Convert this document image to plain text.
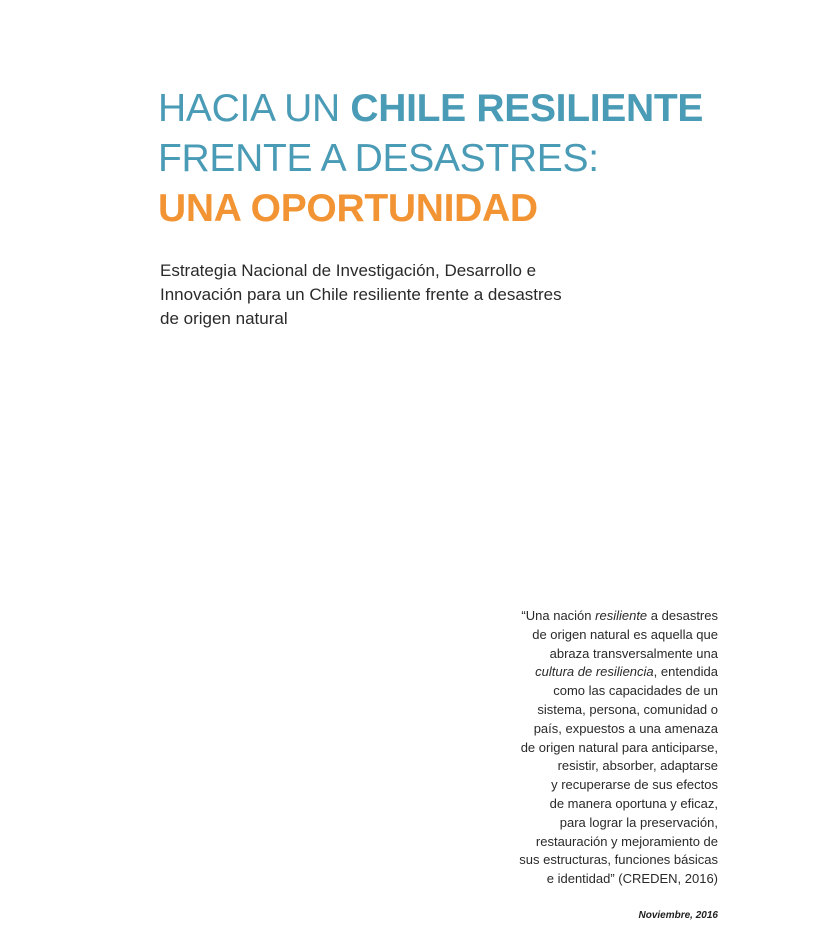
HACIA UN CHILE RESILIENTE
FRENTE A DESASTRES:
UNA OPORTUNIDAD

Estrategia Nacional de Investigación, Desarrollo e
Innovación para un Chile resiliente frente a desastres
de origen natural

“Una nación resiliente a desastres
de origen natural es aquella que
abraza transversalmente una
cultura de resiliencia, entendida
como las capacidades de un
sistema, persona, comunidad o
país, expuestos a una amenaza
de origen natural para anticiparse,
resistir, absorber, adaptarse
y recuperarse de sus efectos
de manera oportuna y eficaz,
para lograr la preservación,
restauración y mejoramiento de
sus estructuras, funciones básicas
e identidad” (CREDEN, 2016)

Noviembre, 2016
